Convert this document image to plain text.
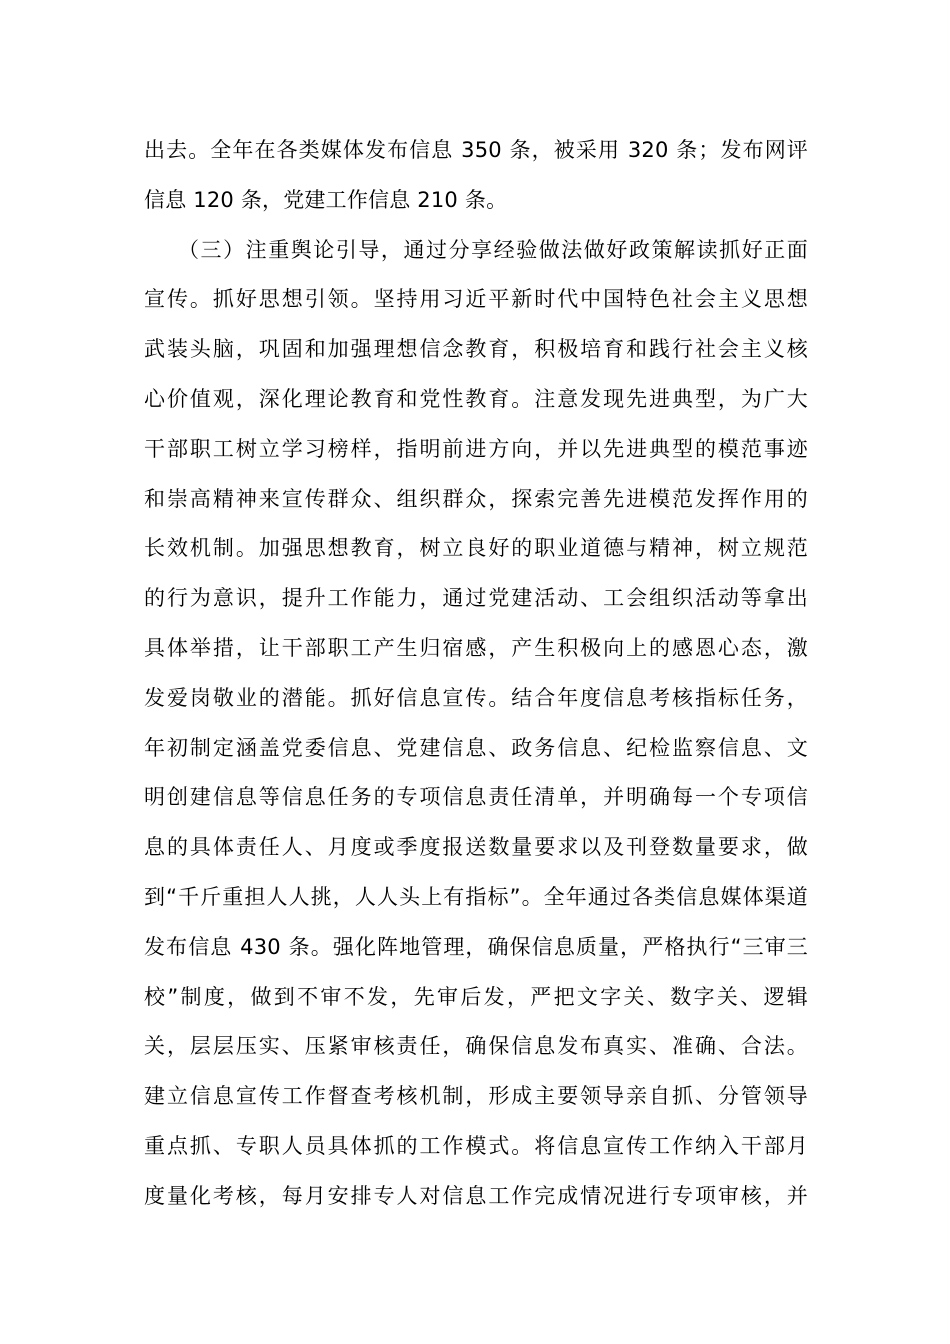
出去。全年在各类媒体发布信息 350 条，被采用 320 条；发布网评
信息 120 条，党建工作信息 210 条。
（三）注重舆论引导，通过分享经验做法做好政策解读抓好正面
宣传。抓好思想引领。坚持用习近平新时代中国特色社会主义思想
武装头脑，巩固和加强理想信念教育，积极培育和践行社会主义核
心价值观，深化理论教育和党性教育。注意发现先进典型，为广大
干部职工树立学习榜样，指明前进方向，并以先进典型的模范事迹
和崇高精神来宣传群众、组织群众，探索完善先进模范发挥作用的
长效机制。加强思想教育，树立良好的职业道德与精神，树立规范
的行为意识，提升工作能力，通过党建活动、工会组织活动等拿出
具体举措，让干部职工产生归宿感，产生积极向上的感恩心态，激
发爱岗敬业的潜能。抓好信息宣传。结合年度信息考核指标任务，
年初制定涵盖党委信息、党建信息、政务信息、纪检监察信息、文
明创建信息等信息任务的专项信息责任清单，并明确每一个专项信
息的具体责任人、月度或季度报送数量要求以及刊登数量要求，做
到“千斤重担人人挑，人人头上有指标”。全年通过各类信息媒体渠道
发布信息 430 条。强化阵地管理，确保信息质量，严格执行“三审三
校”制度，做到不审不发，先审后发，严把文字关、数字关、逻辑
关，层层压实、压紧审核责任，确保信息发布真实、准确、合法。
建立信息宣传工作督查考核机制，形成主要领导亲自抓、分管领导
重点抓、专职人员具体抓的工作模式。将信息宣传工作纳入干部月
度量化考核，每月安排专人对信息工作完成情况进行专项审核，并
